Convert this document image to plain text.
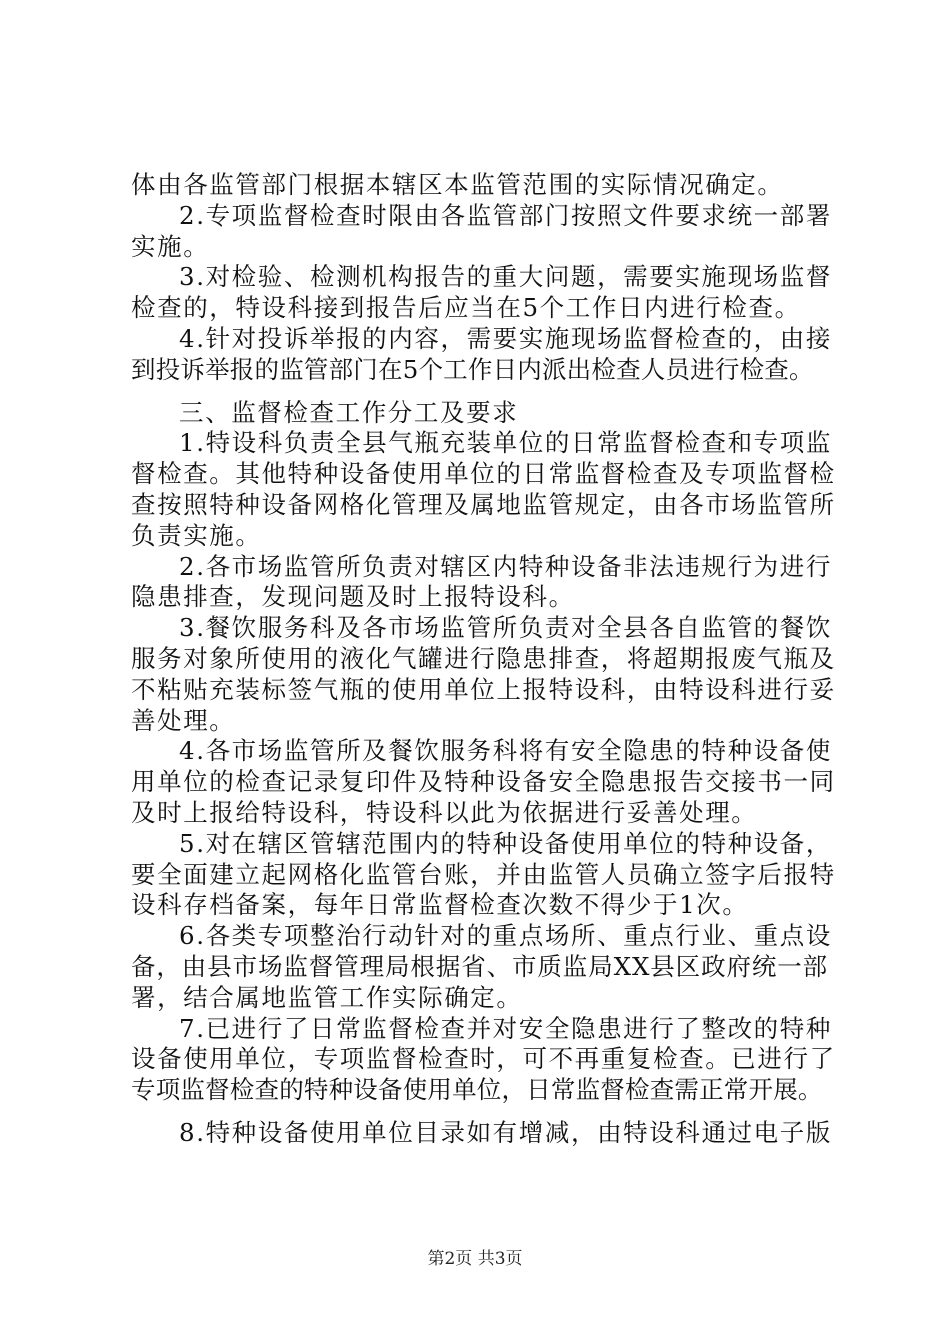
体由各监管部门根据本辖区本监管范围的实际情况确定。
2.专项监督检查时限由各监管部门按照文件要求统一部署
实施。
3.对检验、检测机构报告的重大问题，需要实施现场监督
检查的，特设科接到报告后应当在5个工作日内进行检查。
4.针对投诉举报的内容，需要实施现场监督检查的，由接
到投诉举报的监管部门在5个工作日内派出检查人员进行检查。
三、监督检查工作分工及要求
1.特设科负责全县气瓶充装单位的日常监督检查和专项监
督检查。其他特种设备使用单位的日常监督检查及专项监督检
查按照特种设备网格化管理及属地监管规定，由各市场监管所
负责实施。
2.各市场监管所负责对辖区内特种设备非法违规行为进行
隐患排查，发现问题及时上报特设科。
3.餐饮服务科及各市场监管所负责对全县各自监管的餐饮
服务对象所使用的液化气罐进行隐患排查，将超期报废气瓶及
不粘贴充装标签气瓶的使用单位上报特设科，由特设科进行妥
善处理。
4.各市场监管所及餐饮服务科将有安全隐患的特种设备使
用单位的检查记录复印件及特种设备安全隐患报告交接书一同
及时上报给特设科，特设科以此为依据进行妥善处理。
5.对在辖区管辖范围内的特种设备使用单位的特种设备，
要全面建立起网格化监管台账，并由监管人员确立签字后报特
设科存档备案，每年日常监督检查次数不得少于1次。
6.各类专项整治行动针对的重点场所、重点行业、重点设
备，由县市场监督管理局根据省、市质监局XX县区政府统一部
署，结合属地监管工作实际确定。
7.已进行了日常监督检查并对安全隐患进行了整改的特种
设备使用单位，专项监督检查时，可不再重复检查。已进行了
专项监督检查的特种设备使用单位，日常监督检查需正常开展。
8.特种设备使用单位目录如有增减，由特设科通过电子版
第2页 共3页
